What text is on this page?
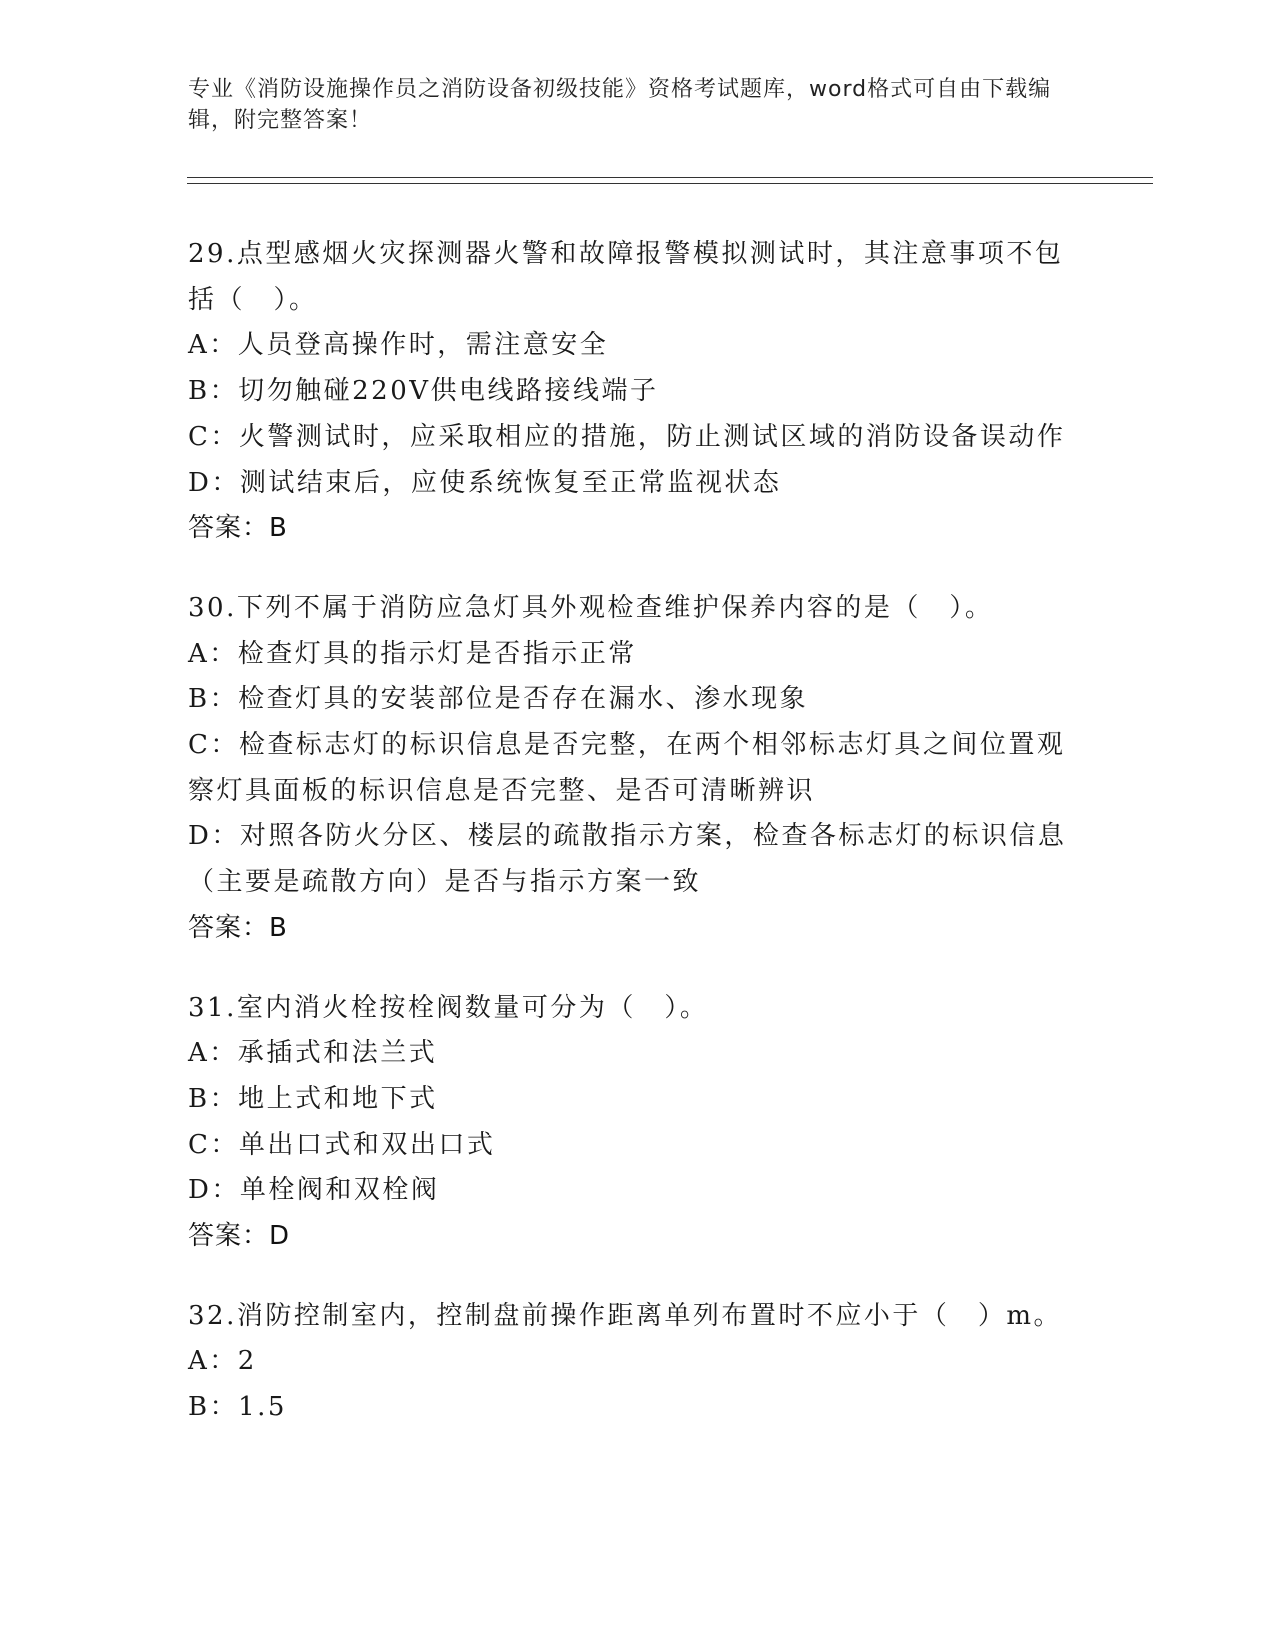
专业《消防设施操作员之消防设备初级技能》资格考试题库，word格式可自由下载编辑，附完整答案！
29.点型感烟火灾探测器火警和故障报警模拟测试时，其注意事项不包括（　）。
A：人员登高操作时，需注意安全
B：切勿触碰220V供电线路接线端子
C：火警测试时，应采取相应的措施，防止测试区域的消防设备误动作
D：测试结束后，应使系统恢复至正常监视状态
答案：B
30.下列不属于消防应急灯具外观检查维护保养内容的是（　）。
A：检查灯具的指示灯是否指示正常
B：检查灯具的安装部位是否存在漏水、渗水现象
C：检查标志灯的标识信息是否完整，在两个相邻标志灯具之间位置观察灯具面板的标识信息是否完整、是否可清晰辨识
D：对照各防火分区、楼层的疏散指示方案，检查各标志灯的标识信息（主要是疏散方向）是否与指示方案一致
答案：B
31.室内消火栓按栓阀数量可分为（　）。
A：承插式和法兰式
B：地上式和地下式
C：单出口式和双出口式
D：单栓阀和双栓阀
答案：D
32.消防控制室内，控制盘前操作距离单列布置时不应小于（　）m。
A：2
B：1.5
